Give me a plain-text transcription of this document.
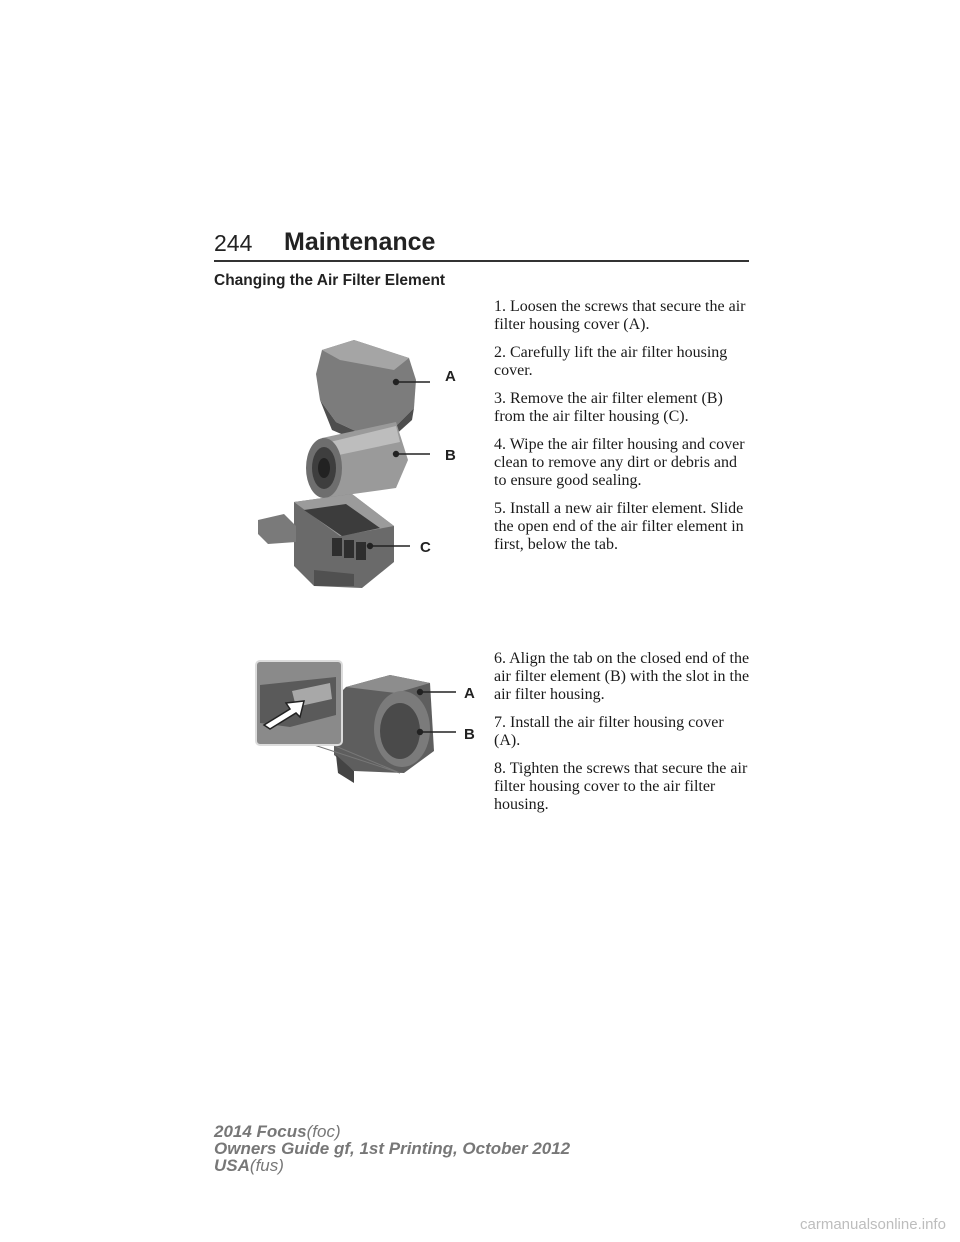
244 Maintenance
Changing the Air Filter Element
A
B
C
A
B

1. Loosen the screws that secure the air filter housing cover (A).

2. Carefully lift the air filter housing cover.

3. Remove the air filter element (B) from the air filter housing (C).

4. Wipe the air filter housing and cover clean to remove any dirt or debris and to ensure good sealing.

5. Install a new air filter element. Slide the open end of the air filter element in first, below the tab.

6. Align the tab on the closed end of the air filter element (B) with the slot in the air filter housing.

7. Install the air filter housing cover (A).

8. Tighten the screws that secure the air filter housing cover to the air filter housing.

2014 Focus(foc)
Owners Guide gf, 1st Printing, October 2012
USA(fus)
carmanualsonline.info
